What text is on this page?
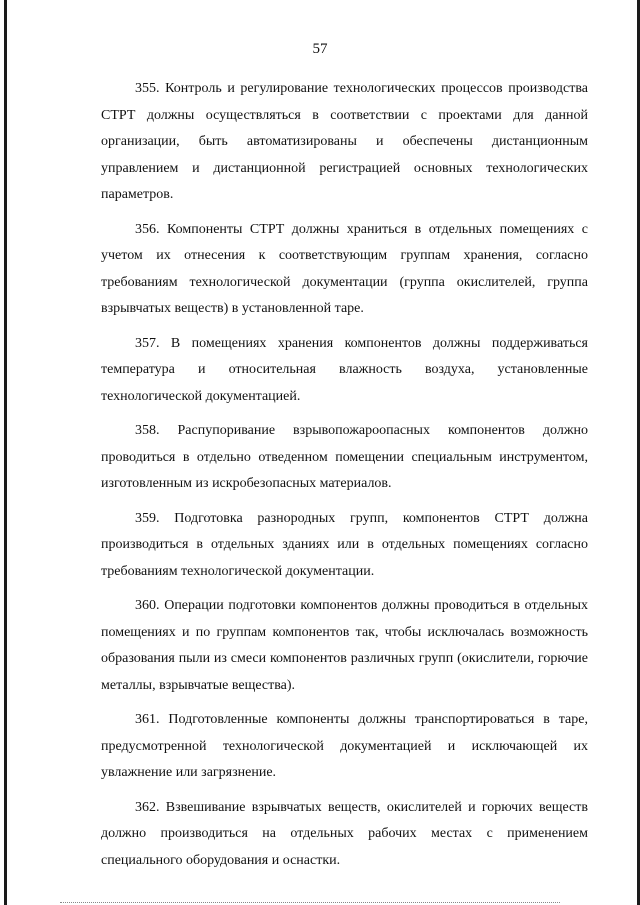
57

355. Контроль и регулирование технологических процессов производства СТРТ должны осуществляться в соответствии с проектами для данной организации, быть автоматизированы и обеспечены дистанционным управлением и дистанционной регистрацией основных технологических параметров.

356. Компоненты СТРТ должны храниться в отдельных помещениях с учетом их отнесения к соответствующим группам хранения, согласно требованиям технологической документации (группа окислителей, группа взрывчатых веществ) в установленной таре.

357. В помещениях хранения компонентов должны поддерживаться температура и относительная влажность воздуха, установленные технологической документацией.

358. Распупоривание взрывопожароопасных компонентов должно проводиться в отдельно отведенном помещении специальным инструментом, изготовленным из искробезопасных материалов.

359. Подготовка разнородных групп, компонентов СТРТ должна производиться в отдельных зданиях или в отдельных помещениях согласно требованиям технологической документации.

360. Операции подготовки компонентов должны проводиться в отдельных помещениях и по группам компонентов так, чтобы исключалась возможность образования пыли из смеси компонентов различных групп (окислители, горючие металлы, взрывчатые вещества).

361. Подготовленные компоненты должны транспортироваться в таре, предусмотренной технологической документацией и исключающей их увлажнение или загрязнение.

362. Взвешивание взрывчатых веществ, окислителей и горючих веществ должно производиться на отдельных рабочих местах с применением специального оборудования и оснастки.
